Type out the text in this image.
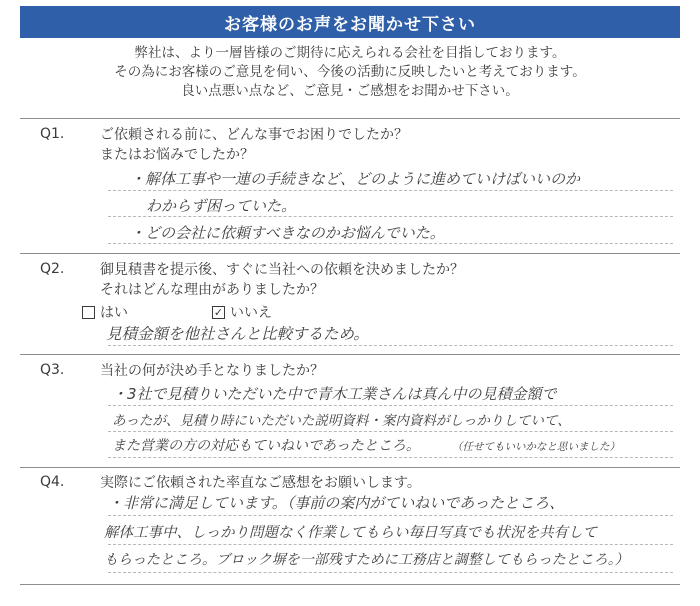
お客様のお声をお聞かせ下さい
弊社は、より一層皆様のご期待に応えられる会社を目指しております。
その為にお客様のご意見を伺い、今後の活動に反映したいと考えております。
良い点悪い点など、ご意見・ご感想をお聞かせ下さい。
Q1.	ご依頼される前に、どんな事でお困りでしたか？
またはお悩みでしたか？
・解体工事や一連の手続きなど、どのように進めていけばいいのか
わからず困っていた。
・どの会社に依頼すべきなのかお悩んでいた。
Q2.	御見積書を提示後、すぐに当社への依頼を決めましたか？
それはどんな理由がありましたか？
はい	✓ いいえ
見積金額を他社さんと比較するため。
Q3.	当社の何が決め手となりましたか？
・3社で見積りいただいた中で青木工業さんは真ん中の見積金額で
あったが、見積り時にいただいた説明資料・案内資料がしっかりしていて、
また営業の方の対応もていねいであったところ。	（任せてもいいかなと思いました）
Q4.	実際にご依頼された率直なご感想をお願いします。
・非常に満足しています。（事前の案内がていねいであったところ、
解体工事中、しっかり問題なく作業してもらい毎日写真でも状況を共有して
もらったところ。ブロック塀を一部残すために工務店と調整してもらったところ。）
